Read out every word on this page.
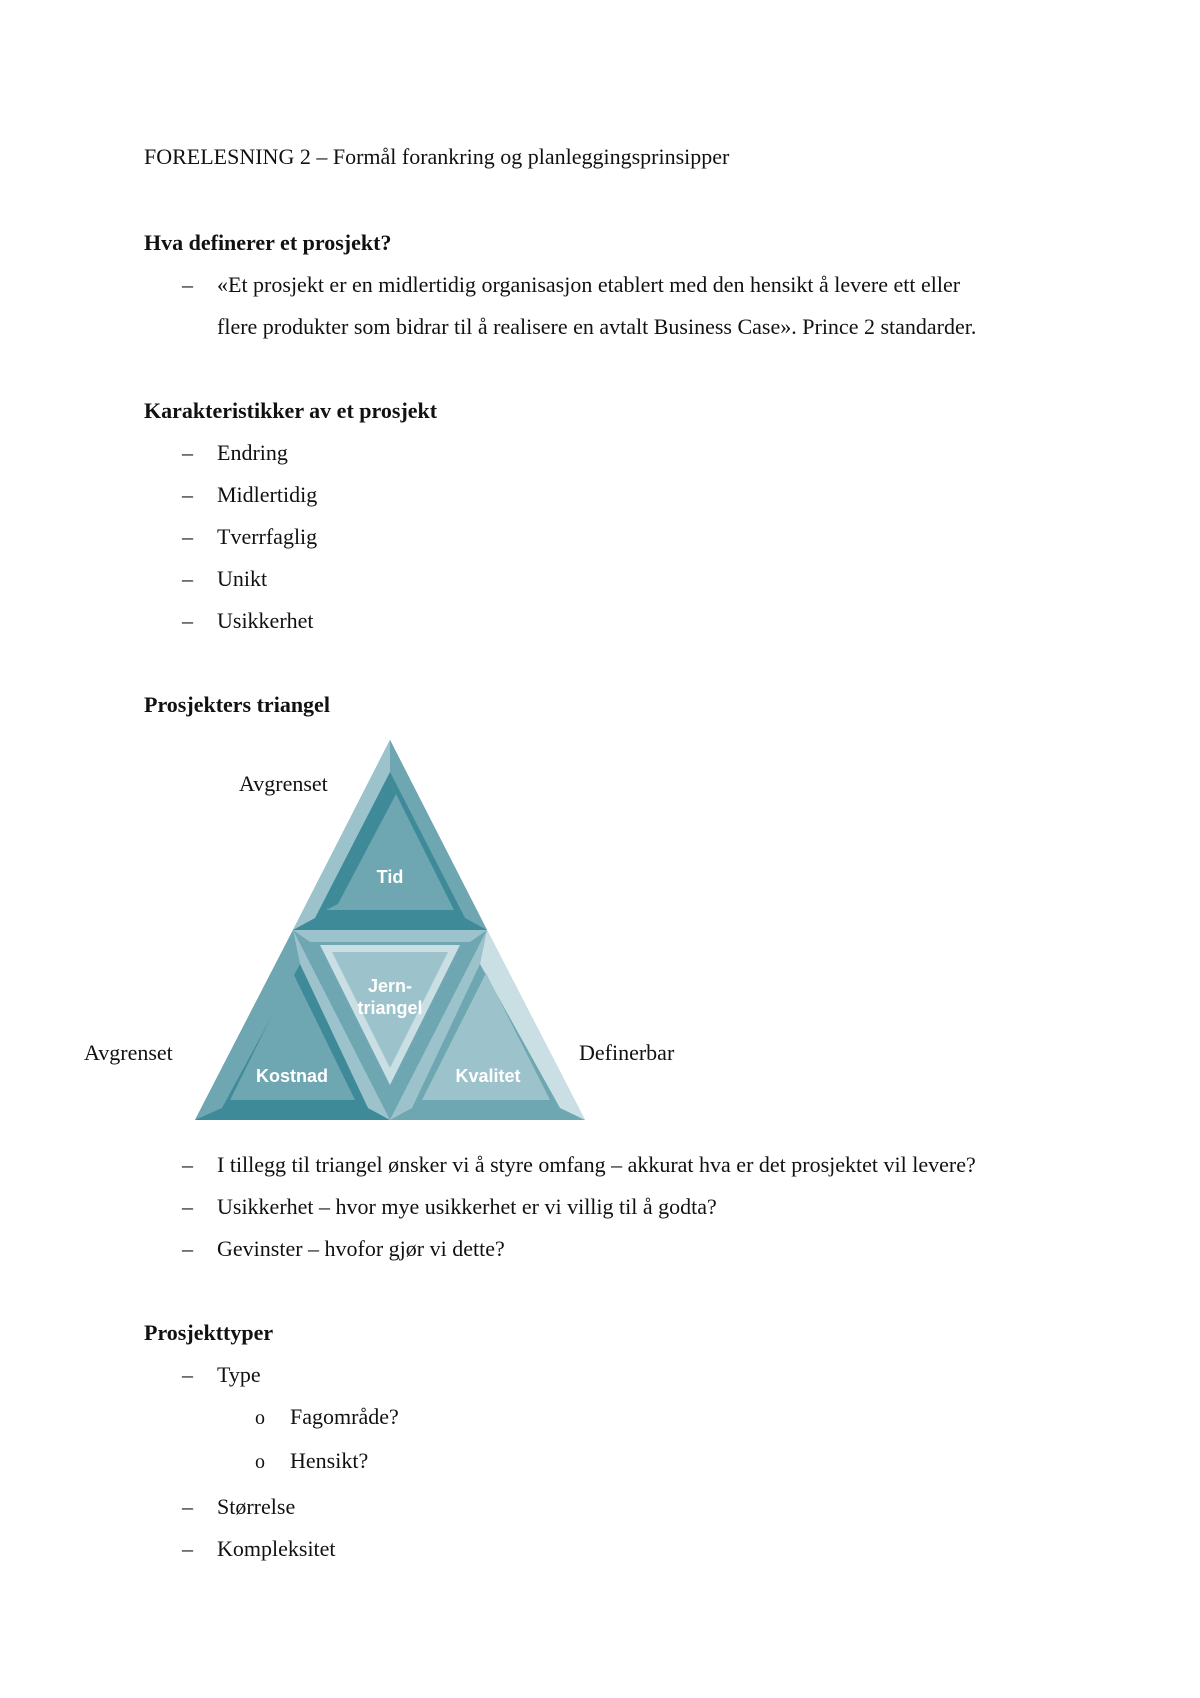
FORELESNING 2 – Formål forankring og planleggingsprinsipper
Hva definerer et prosjekt?
– «Et prosjekt er en midlertidig organisasjon etablert med den hensikt å levere ett eller
flere produkter som bidrar til å realisere en avtalt Business Case». Prince 2 standarder.
Karakteristikker av et prosjekt
– Endring
– Midlertidig
– Tverrfaglig
– Unikt
– Usikkerhet
Prosjekters triangel
Avgrenset
Avgrenset	Definerbar
Tid
Jern-
triangel
Kostnad	Kvalitet
– I tillegg til triangel ønsker vi å styre omfang – akkurat hva er det prosjektet vil levere?
– Usikkerhet – hvor mye usikkerhet er vi villig til å godta?
– Gevinster – hvofor gjør vi dette?
Prosjekttyper
– Type
o Fagområde?
o Hensikt?
– Størrelse
– Kompleksitet
